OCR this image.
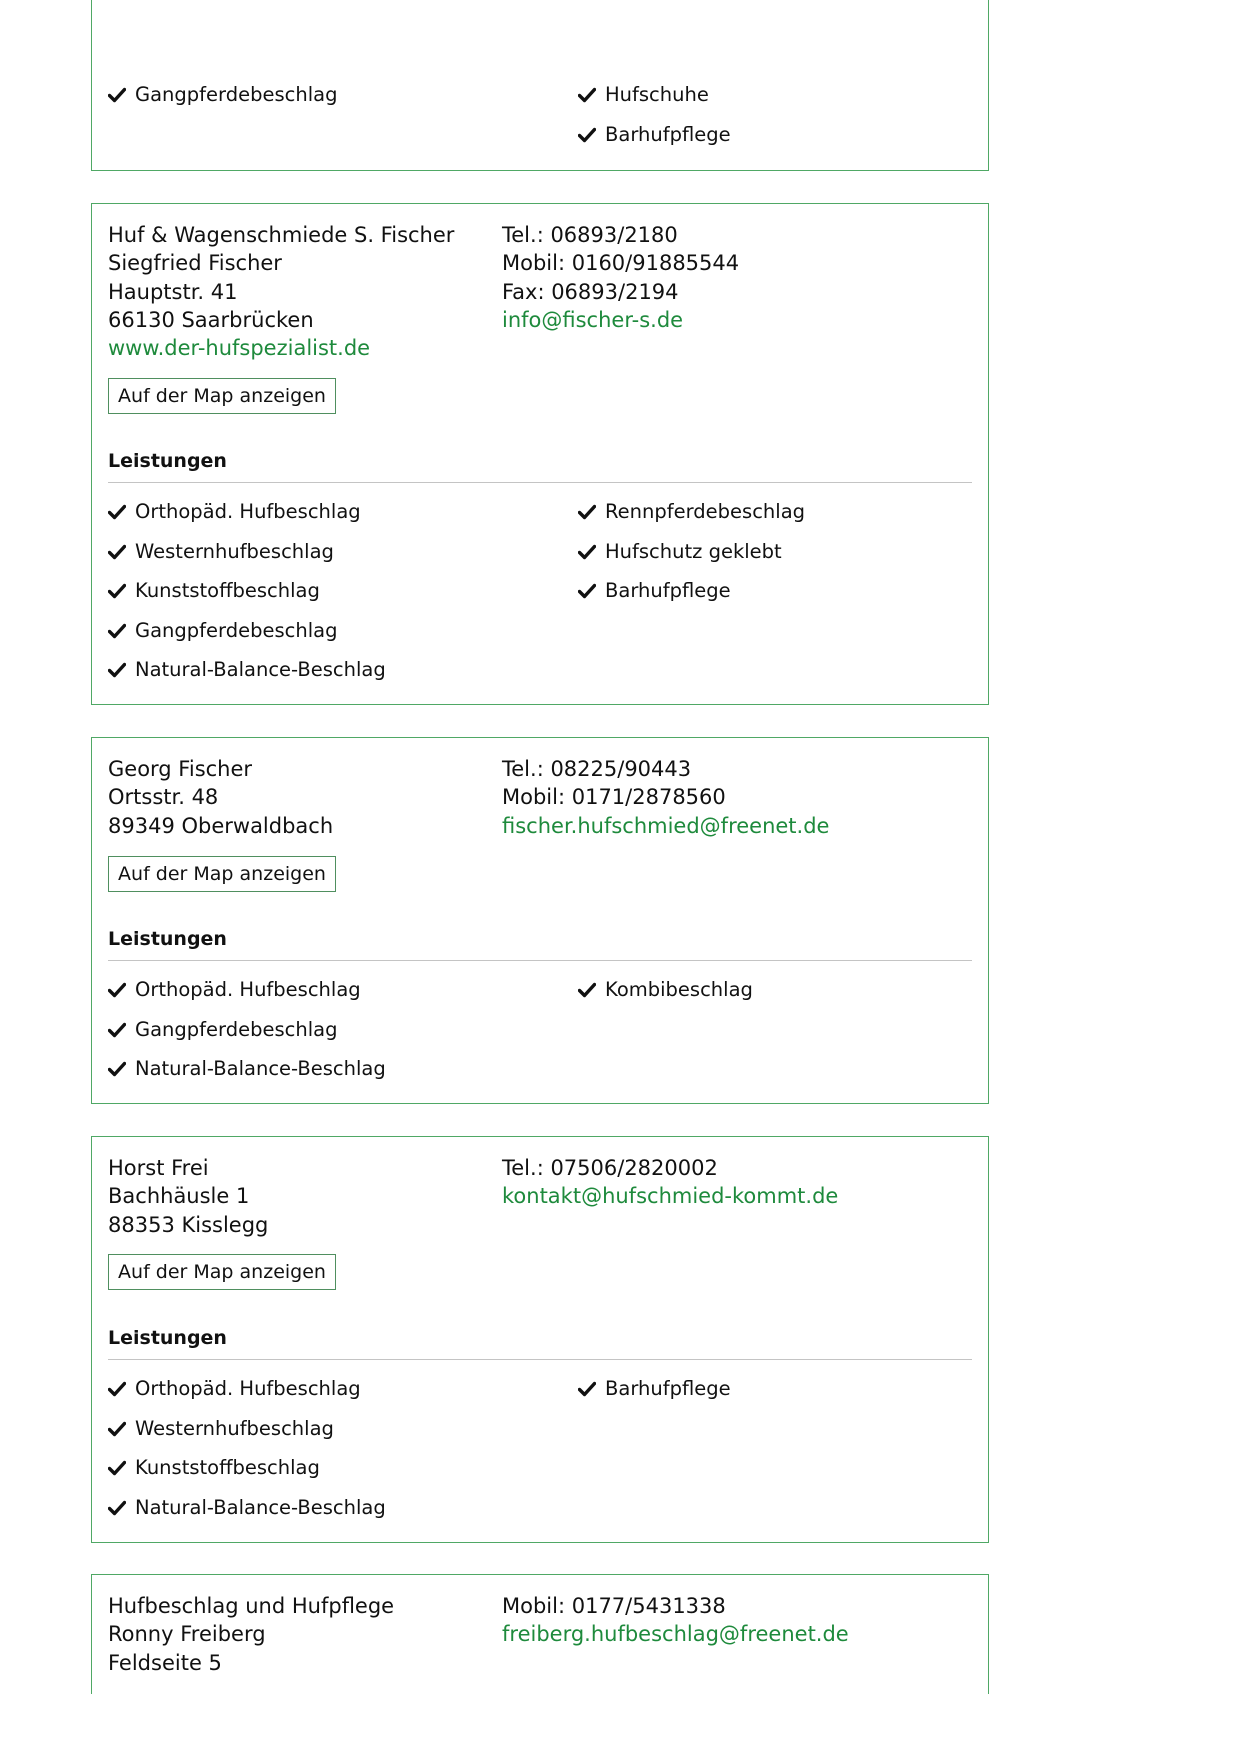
Gangpferdebeschlag	Hufschuhe
Barhufpflege
Huf & Wagenschmiede S. Fischer
Siegfried Fischer
Hauptstr. 41
66130 Saarbrücken
www.der-hufspezialist.de
Tel.: 06893/2180
Mobil: 0160/91885544
Fax: 06893/2194
info@fischer-s.de
Auf der Map anzeigen
Leistungen
Orthopäd. Hufbeschlag
Westernhufbeschlag
Kunststoffbeschlag
Gangpferdebeschlag
Natural-Balance-Beschlag
Rennpferdebeschlag
Hufschutz geklebt
Barhufpflege
Georg Fischer
Ortsstr. 48
89349 Oberwaldbach
Tel.: 08225/90443
Mobil: 0171/2878560
fischer.hufschmied@freenet.de
Auf der Map anzeigen
Leistungen
Orthopäd. Hufbeschlag
Gangpferdebeschlag
Natural-Balance-Beschlag
Kombibeschlag
Horst Frei
Bachhäusle 1
88353 Kisslegg
Tel.: 07506/2820002
kontakt@hufschmied-kommt.de
Auf der Map anzeigen
Leistungen
Orthopäd. Hufbeschlag
Westernhufbeschlag
Kunststoffbeschlag
Natural-Balance-Beschlag
Barhufpflege
Hufbeschlag und Hufpflege
Ronny Freiberg
Feldseite 5
Mobil: 0177/5431338
freiberg.hufbeschlag@freenet.de
